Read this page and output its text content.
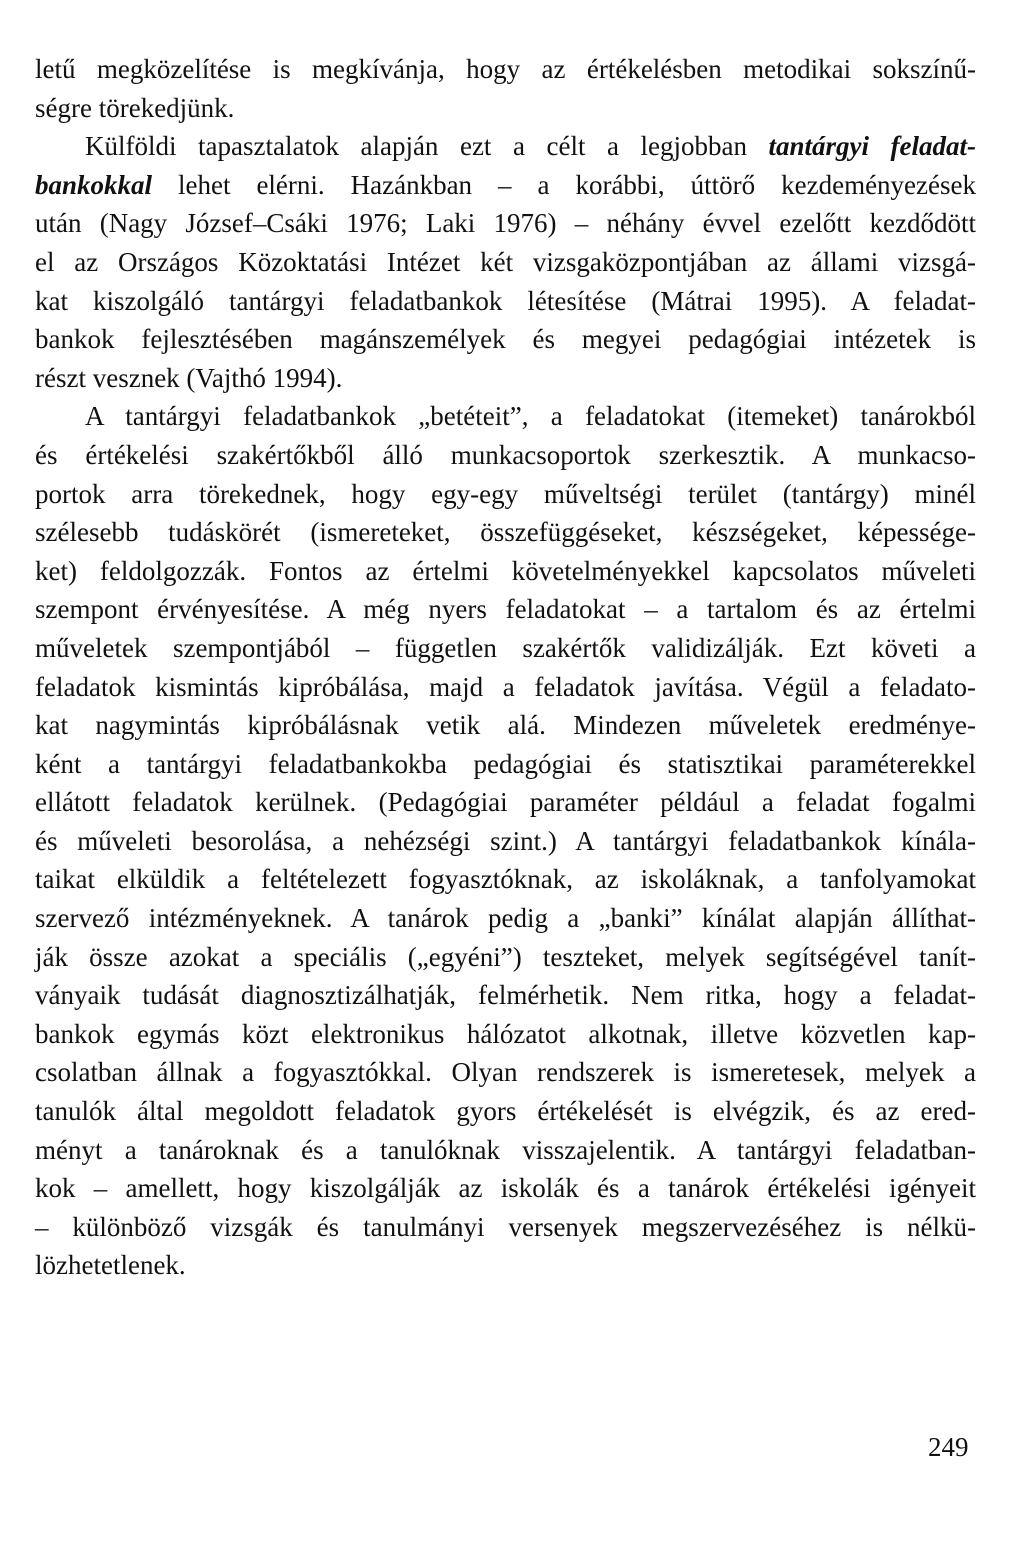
letű megközelítése is megkívánja, hogy az értékelésben metodikai sokszínű-
ségre törekedjünk.
Külföldi tapasztalatok alapján ezt a célt a legjobban tantárgyi feladat-
bankokkal lehet elérni. Hazánkban – a korábbi, úttörő kezdeményezések
után (Nagy József–Csáki 1976; Laki 1976) – néhány évvel ezelőtt kezdődött
el az Országos Közoktatási Intézet két vizsgaközpontjában az állami vizsgá-
kat kiszolgáló tantárgyi feladatbankok létesítése (Mátrai 1995). A feladat-
bankok fejlesztésében magánszemélyek és megyei pedagógiai intézetek is
részt vesznek (Vajthó 1994).
A tantárgyi feladatbankok „betéteit”, a feladatokat (itemeket) tanárokból
és értékelési szakértőkből álló munkacsoportok szerkesztik. A munkacso-
portok arra törekednek, hogy egy-egy műveltségi terület (tantárgy) minél
szélesebb tudáskörét (ismereteket, összefüggéseket, készségeket, képessége-
ket) feldolgozzák. Fontos az értelmi követelményekkel kapcsolatos műveleti
szempont érvényesítése. A még nyers feladatokat – a tartalom és az értelmi
műveletek szempontjából – független szakértők validizálják. Ezt követi a
feladatok kismintás kipróbálása, majd a feladatok javítása. Végül a feladato-
kat nagymintás kipróbálásnak vetik alá. Mindezen műveletek eredménye-
ként a tantárgyi feladatbankokba pedagógiai és statisztikai paraméterekkel
ellátott feladatok kerülnek. (Pedagógiai paraméter például a feladat fogalmi
és műveleti besorolása, a nehézségi szint.) A tantárgyi feladatbankok kínála-
taikat elküldik a feltételezett fogyasztóknak, az iskoláknak, a tanfolyamokat
szervező intézményeknek. A tanárok pedig a „banki” kínálat alapján állíthat-
ják össze azokat a speciális („egyéni”) teszteket, melyek segítségével tanít-
ványaik tudását diagnosztizálhatják, felmérhetik. Nem ritka, hogy a feladat-
bankok egymás közt elektronikus hálózatot alkotnak, illetve közvetlen kap-
csolatban állnak a fogyasztókkal. Olyan rendszerek is ismeretesek, melyek a
tanulók által megoldott feladatok gyors értékelését is elvégzik, és az ered-
ményt a tanároknak és a tanulóknak visszajelentik. A tantárgyi feladatban-
kok – amellett, hogy kiszolgálják az iskolák és a tanárok értékelési igényeit
– különböző vizsgák és tanulmányi versenyek megszervezéséhez is nélkü-
lözhetetlenek.
249
